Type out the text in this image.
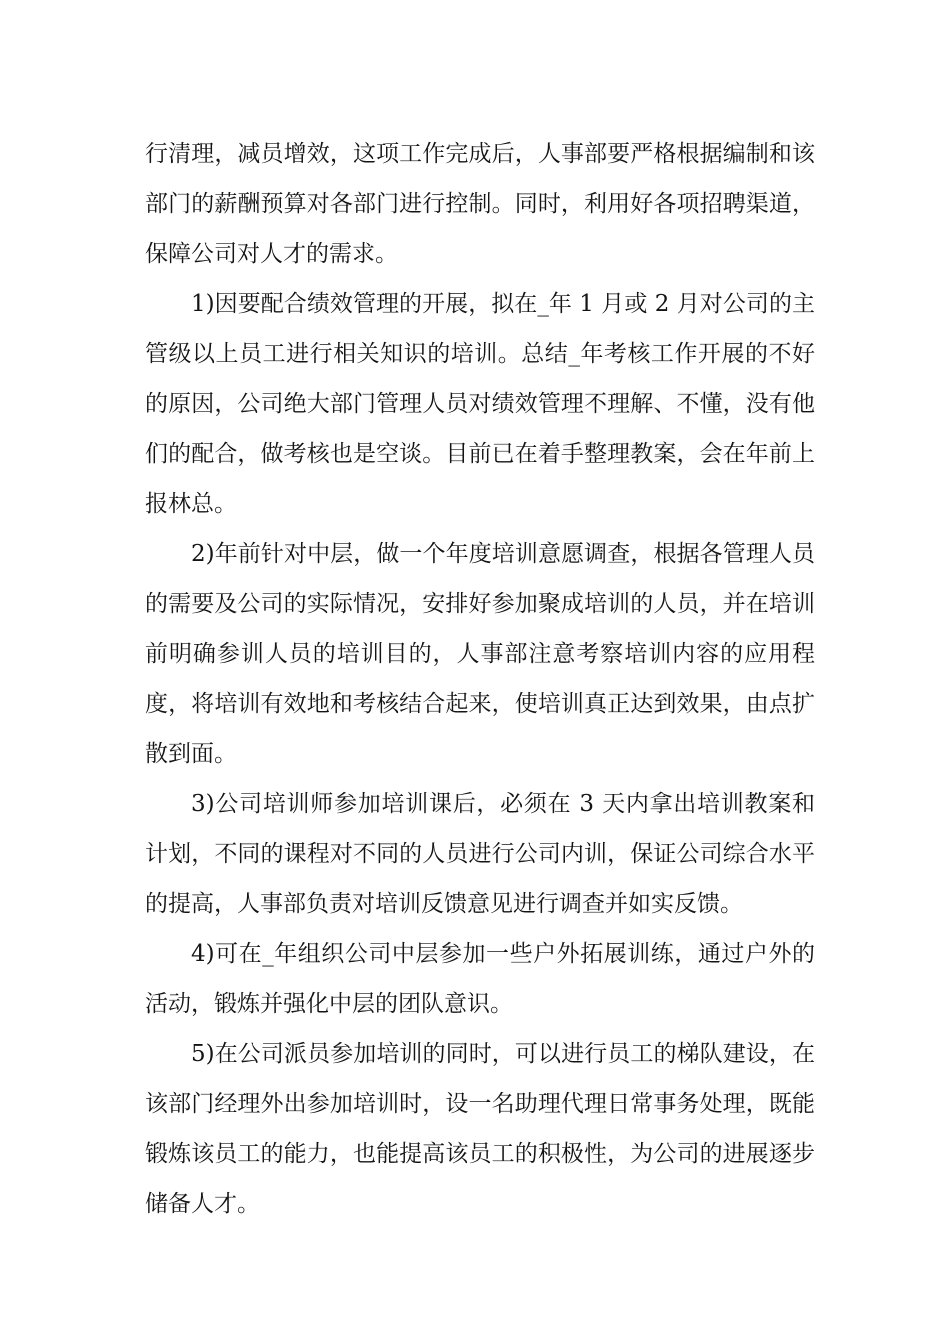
行清理，减员增效，这项工作完成后，人事部要严格根据编制和该部门的薪酬预算对各部门进行控制。同时，利用好各项招聘渠道，保障公司对人才的需求。

1)因要配合绩效管理的开展，拟在_年 1 月或 2 月对公司的主管级以上员工进行相关知识的培训。总结_年考核工作开展的不好的原因，公司绝大部门管理人员对绩效管理不理解、不懂，没有他们的配合，做考核也是空谈。目前已在着手整理教案，会在年前上报林总。

2)年前针对中层，做一个年度培训意愿调查，根据各管理人员的需要及公司的实际情况，安排好参加聚成培训的人员，并在培训前明确参训人员的培训目的，人事部注意考察培训内容的应用程度，将培训有效地和考核结合起来，使培训真正达到效果，由点扩散到面。

3)公司培训师参加培训课后，必须在 3 天内拿出培训教案和计划，不同的课程对不同的人员进行公司内训，保证公司综合水平的提高，人事部负责对培训反馈意见进行调查并如实反馈。

4)可在_年组织公司中层参加一些户外拓展训练，通过户外的活动，锻炼并强化中层的团队意识。

5)在公司派员参加培训的同时，可以进行员工的梯队建设，在该部门经理外出参加培训时，设一名助理代理日常事务处理，既能锻炼该员工的能力，也能提高该员工的积极性，为公司的进展逐步储备人才。
